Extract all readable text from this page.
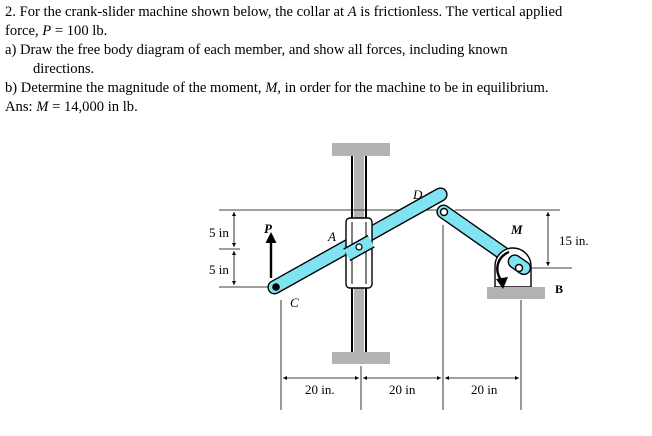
2. For the crank-slider machine shown below, the collar at A is frictionless. The vertical applied

force, P = 100 lb.

a) Draw the free body diagram of each member, and show all forces, including known
directions.

b) Determine the magnitude of the moment, M, in order for the machine to be in equilibrium.

Ans: M = 14,000 in lb.

5 in
5 in
15 in.
20 in.	20 in	20 in
D
A
P
C
M
B
